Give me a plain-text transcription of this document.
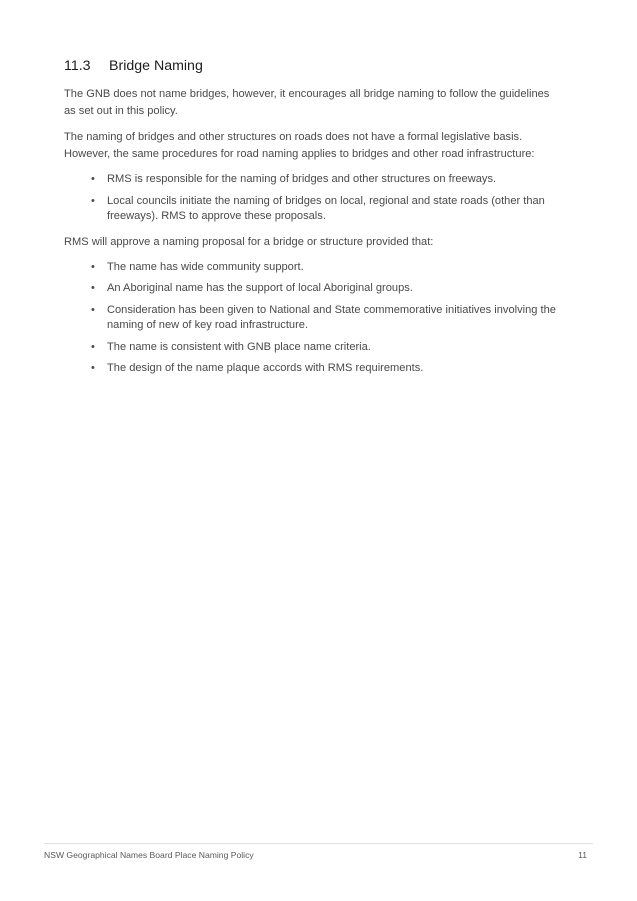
11.3	Bridge Naming

The GNB does not name bridges, however, it encourages all bridge naming to follow the guidelines as set out in this policy.

The naming of bridges and other structures on roads does not have a formal legislative basis. However, the same procedures for road naming applies to bridges and other road infrastructure:

• RMS is responsible for the naming of bridges and other structures on freeways.
• Local councils initiate the naming of bridges on local, regional and state roads (other than freeways). RMS to approve these proposals.

RMS will approve a naming proposal for a bridge or structure provided that:

• The name has wide community support.
• An Aboriginal name has the support of local Aboriginal groups.
• Consideration has been given to National and State commemorative initiatives involving the naming of new of key road infrastructure.
• The name is consistent with GNB place name criteria.
• The design of the name plaque accords with RMS requirements.
NSW Geographical Names Board Place Naming Policy	11
